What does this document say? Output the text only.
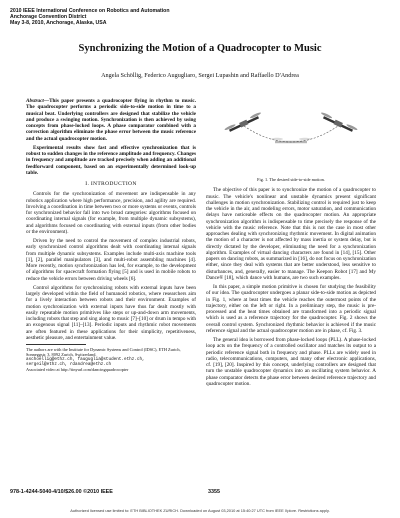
2010 IEEE International Conference on Robotics and Automation
Anchorage Convention District
May 3-8, 2010, Anchorage, Alaska, USA
Synchronizing the Motion of a Quadrocopter to Music
Angela Schöllig, Federico Augugliaro, Sergei Lupashin and Raffaello D'Andrea

Abstract—This paper presents a quadrocopter flying in rhythm to music. The quadrocopter performs a periodic side-to-side motion in time to a musical beat. Underlying controllers are designed that stabilize the vehicle and produce a swinging motion. Synchronization is then achieved by using concepts from phase-locked loops. A phase comparator combined with a correction algorithm eliminate the phase error between the music reference and the actual quadrocopter motion.

Experimental results show fast and effective synchronization that is robust to sudden changes in the reference amplitude and frequency. Changes in frequency and amplitude are tracked precisely when adding an additional feedforward component, based on an experimentally determined look-up table.

I. INTRODUCTION

Controls for the synchronization of movement are indispensable in any robotics application where high performance, precision, and agility are required. Involving a coordination in time between two or more systems or events, controls for synchronized behavior fall into two broad categories: algorithms focused on coordinating internal signals (for example, from multiple dynamic subsystems), and algorithms focused on coordinating with external inputs (from other bodies or the environment).

Driven by the need to control the movement of complex industrial robots, early synchronized control algorithms dealt with coordinating internal signals from multiple dynamic subsystems. Examples include multi-axis machine tools [1], [2], parallel manipulators [3], and multi-robot assembling machines [4]. More recently, motion synchronization has led, for example, to the development of algorithms for spacecraft formation flying [5] and is used in mobile robots to reduce the vehicle errors between driving wheels [6].

Control algorithms for synchronizing robots with external inputs have been largely developed within the field of humanoid robotics, where researchers aim for a lively interaction between robots and their environment. Examples of motion synchronization with external inputs have thus far dealt mostly with easily repeatable motion primitives like steps or up-and-down arm movements, including robots that step and sing along to music [7]–[10] or drum in tempo with an exogenous signal [11]–[13]. Periodic inputs and rhythmic robot movements are often featured in these applications for their simplicity, repetitiveness, aesthetic pleasure, and entertainment value.

The authors are with the Institute for Dynamic Systems and Control (IDSC), ETH Zurich, Sonneggstr. 3, 8092 Zurich, Switzerland.
aschoellig@ethz.ch, fauguglia@student.ethz.ch,
sergeil@ethz.ch, rdandrea@ethz.ch
Associated video at http://tinyurl.com/dancingquadrocopter
Fig. 1. The desired side-to-side motion.

The objective of this paper is to synchronize the motion of a quadrocopter to music. The vehicle's nonlinear and unstable dynamics present significant challenges in motion synchronization. Stabilizing control is required just to keep the vehicle in the air, and modeling errors, motor saturation, and communication delays have noticeable effects on the quadrocopter motion. An appropriate synchronization algorithm is indispensable to time precisely the response of the vehicle with the music reference. Note that this is not the case in most other approaches dealing with synchronizing rhythmic movement. In digital animation the motion of a character is not affected by mass inertia or system delay, but is directly dictated by the developer, eliminating the need for a synchronization algorithm. Examples of virtual dancing characters are found in [14], [15]. Other papers on dancing robots, as summarized in [16], do not focus on synchronization either, since they deal with systems that are better understood, less sensitive to disturbances, and, generally, easier to manage. The Keepon Robot [17] and My Dance® [18], which dance with humans, are two such examples.

In this paper, a simple motion primitive is chosen for studying the feasibility of our idea. The quadrocopter undergoes a planar side-to-side motion as depicted in Fig. 1, where at beat times the vehicle reaches the outermost points of the trajectory, either on the left or right. In a preliminary step, the music is pre-processed and the beat times obtained are transformed into a periodic signal which is used as a reference trajectory for the quadrocopter. Fig. 2 shows the overall control system. Synchronized rhythmic behavior is achieved if the music reference signal and the actual quadrocopter motion are in phase, cf. Fig. 3.

The general idea is borrowed from phase-locked loops (PLL). A phase-locked loop acts on the frequency of a controlled oscillator and matches its output to a periodic reference signal both in frequency and phase. PLLs are widely used in radio, telecommunications, computers, and many other electronic applications, cf. [19], [20]. Inspired by this concept, underlying controllers are designed that turn the unstable quadrocopter dynamics into an oscillating system behavior. A phase comparator detects the phase error between desired reference trajectory and quadrocopter motion.

978-1-4244-5040-4/10/$26.00 ©2010 IEEE	3355
Authorized licensed use limited to: ETH BIBLIOTHEK ZURICH. Downloaded on August 03,2010 at 15:40:27 UTC from IEEE Xplore. Restrictions apply.
